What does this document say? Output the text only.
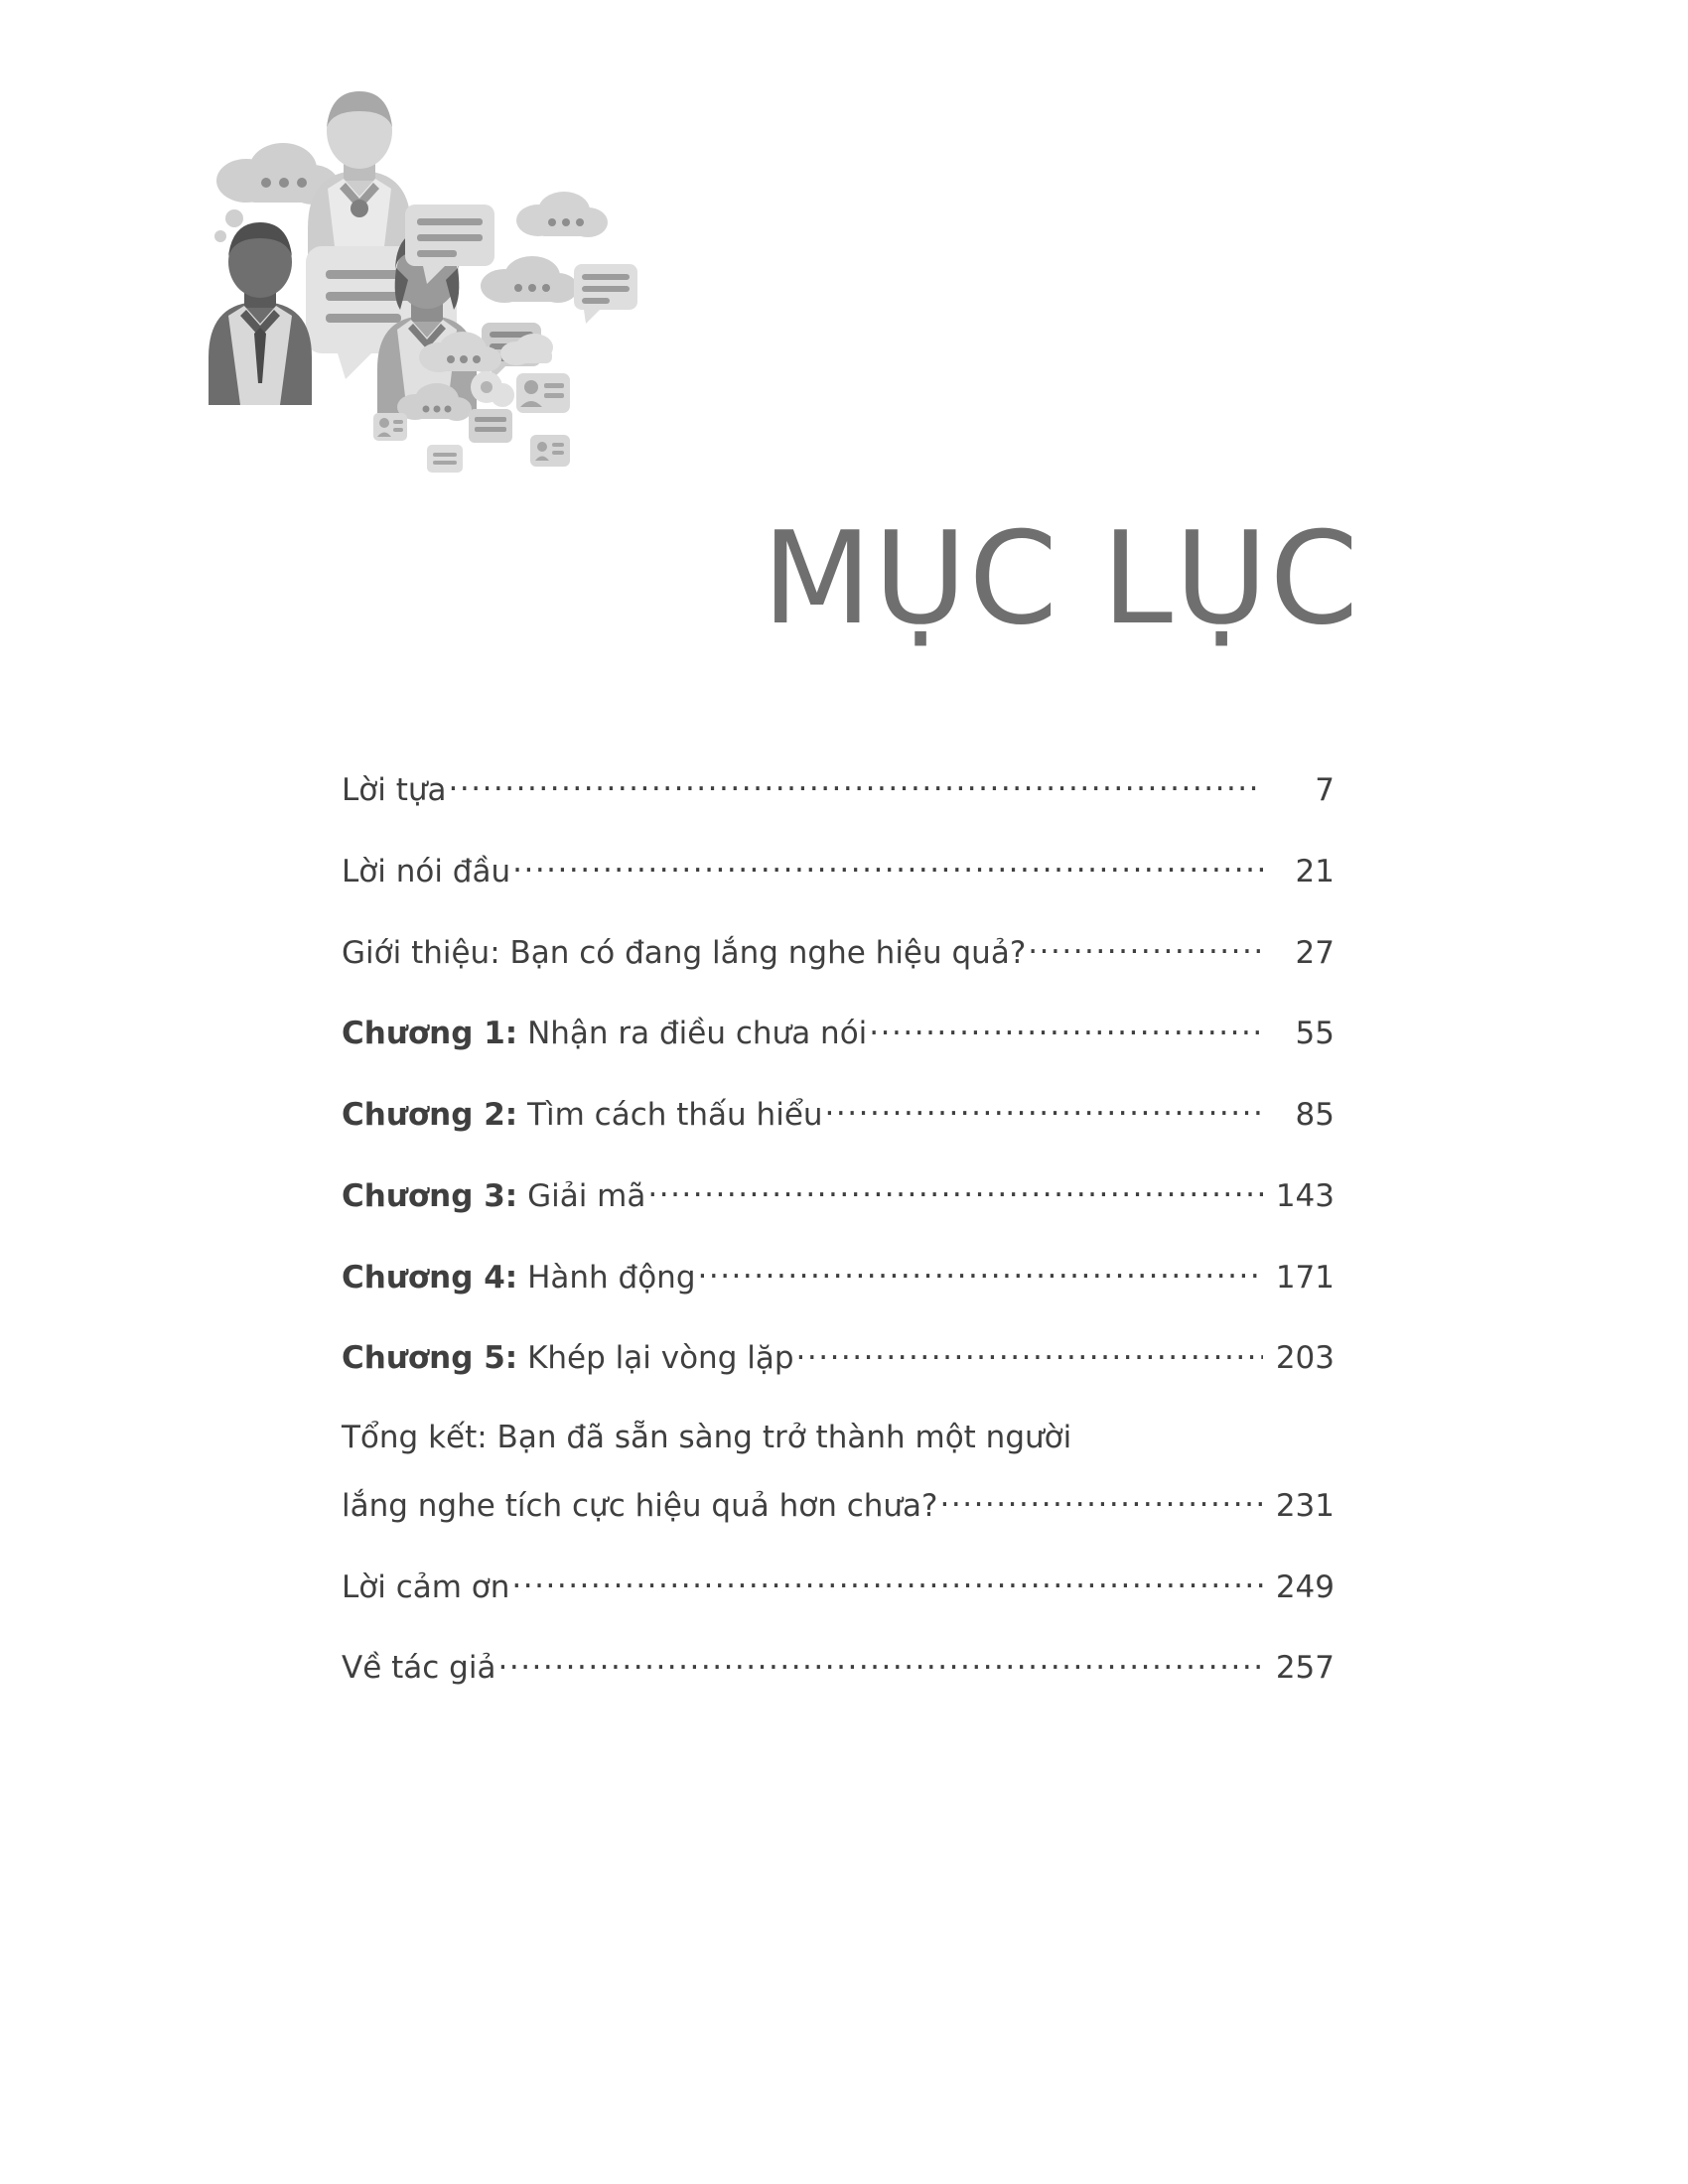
MỤC LỤC
Lời tựa .....	7
Lời nói đầu .....	21
Giới thiệu: Bạn có đang lắng nghe hiệu quả? .....	27
Chương 1: Nhận ra điều chưa nói .....	55
Chương 2: Tìm cách thấu hiểu .....	85
Chương 3: Giải mã .....	143
Chương 4: Hành động .....	171
Chương 5: Khép lại vòng lặp .....	203
Tổng kết: Bạn đã sẵn sàng trở thành một người
lắng nghe tích cực hiệu quả hơn chưa? .....	231
Lời cảm ơn .....	249
Về tác giả .....	257
